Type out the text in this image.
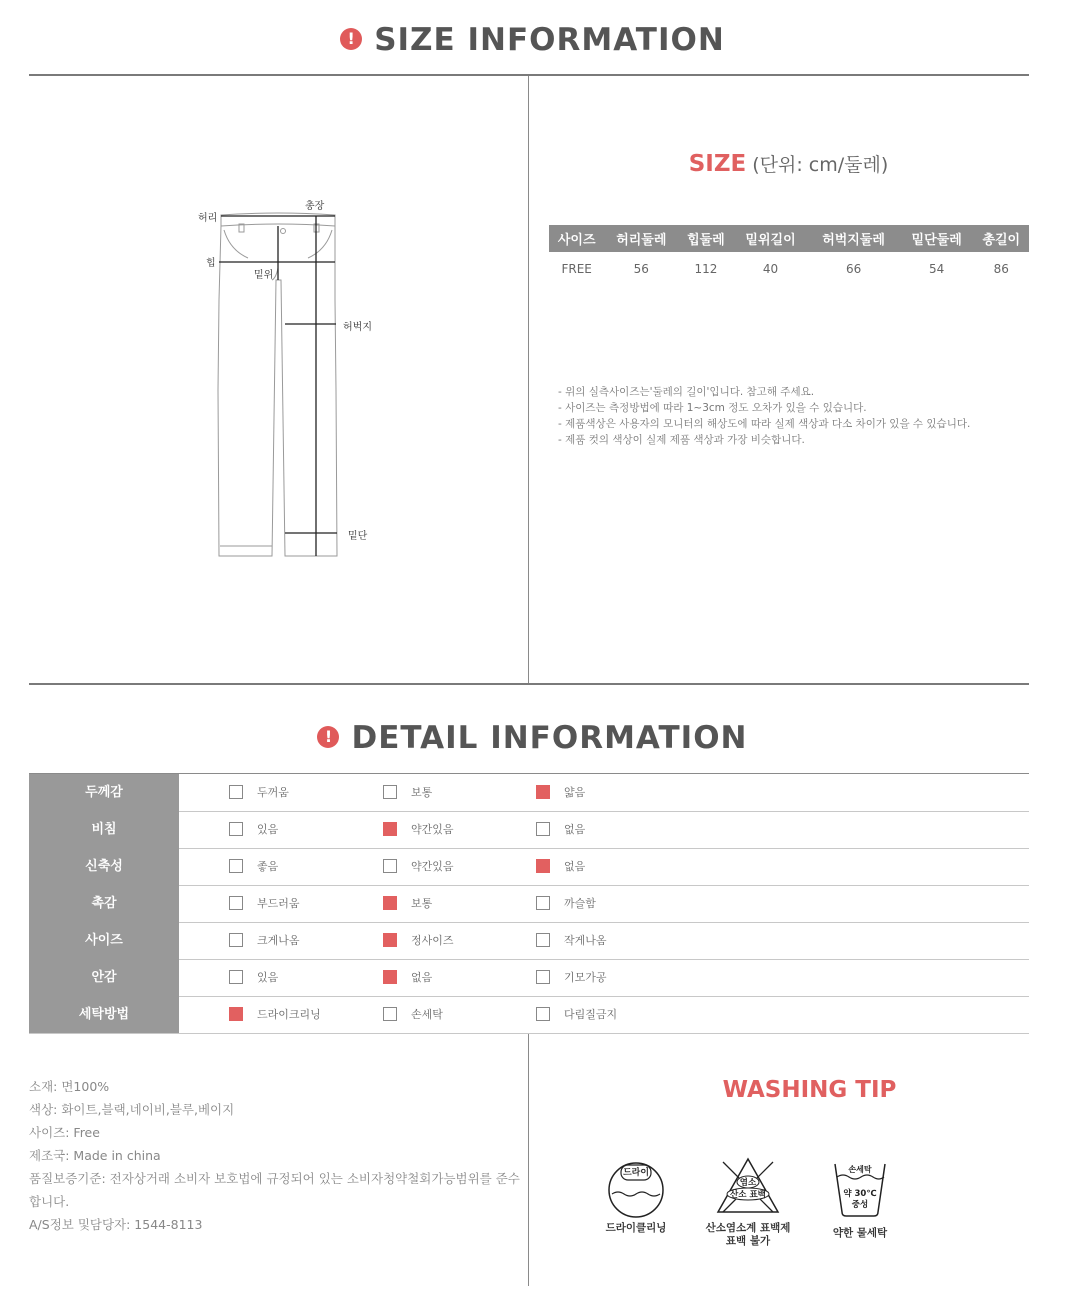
! SIZE INFORMATION
허리
총장
힙
밑위
허벅지
밑단
SIZE (단위: cm/둘레)
사이즈	허리둘레	힙둘레	밑위길이	허벅지둘레	밑단둘레	총길이
FREE	56	112	40	66	54	86
- 위의 실측사이즈는'둘레의 길이'입니다. 참고해 주세요.
- 사이즈는 측정방법에 따라 1~3cm 정도 오차가 있을 수 있습니다.
- 제품색상은 사용자의 모니터의 해상도에 따라 실제 색상과 다소 차이가 있을 수 있습니다.
- 제품 컷의 색상이 실제 제품 색상과 가장 비슷합니다.
! DETAIL INFORMATION
두께감	두꺼움	보통	얇음
비침	있음	약간있음	없음
신축성	좋음	약간있음	없음
촉감	부드러움	보통	까슬함
사이즈	크게나옴	정사이즈	작게나옴
안감	있음	없음	기모가공
세탁방법	드라이크리닝	손세탁	다림질금지
소재: 면100%
색상: 화이트,블랙,네이비,블루,베이지
사이즈: Free
제조국: Made in china
품질보증기준: 전자상거래 소비자 보호법에 규정되어 있는 소비자청약철회가능범위를 준수합니다.
A/S정보 및담당자: 1544-8113
WASHING TIP
드라이
드라이클리닝
염소
산소 표백
산소염소계 표백제
표백 불가
손세탁
약 30℃
중성
약한 물세탁
